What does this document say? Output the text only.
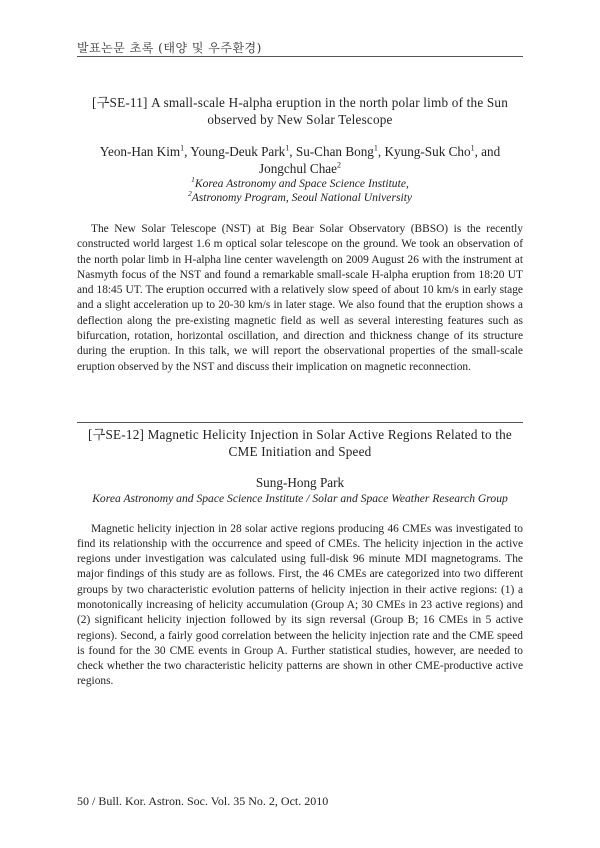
발표논문 초록 (태양 및 우주환경)
[구SE-11] A small-scale H-alpha eruption in the north polar limb of the Sun observed by New Solar Telescope
Yeon-Han Kim$^1$, Young-Deuk Park$^1$, Su-Chan Bong$^1$, Kyung-Suk Cho$^1$, and Jongchul Chae$^2$
$^1$Korea Astronomy and Space Science Institute,
$^2$Astronomy Program, Seoul National University

The New Solar Telescope (NST) at Big Bear Solar Observatory (BBSO) is the recently constructed world largest 1.6 m optical solar telescope on the ground. We took an observation of the north polar limb in H-alpha line center wavelength on 2009 August 26 with the instrument at Nasmyth focus of the NST and found a remarkable small-scale H-alpha eruption from 18:20 UT and 18:45 UT. The eruption occurred with a relatively slow speed of about 10 km/s in early stage and a slight acceleration up to 20-30 km/s in later stage. We also found that the eruption shows a deflection along the pre-existing magnetic field as well as several interesting features such as bifurcation, rotation, horizontal oscillation, and direction and thickness change of its structure during the eruption. In this talk, we will report the observational properties of the small-scale eruption observed by the NST and discuss their implication on magnetic reconnection.

[구SE-12] Magnetic Helicity Injection in Solar Active Regions Related to the CME Initiation and Speed
Sung-Hong Park
Korea Astronomy and Space Science Institute / Solar and Space Weather Research Group

Magnetic helicity injection in 28 solar active regions producing 46 CMEs was investigated to find its relationship with the occurrence and speed of CMEs. The helicity injection in the active regions under investigation was calculated using full-disk 96 minute MDI magnetograms. The major findings of this study are as follows. First, the 46 CMEs are categorized into two different groups by two characteristic evolution patterns of helicity injection in their active regions: (1) a monotonically increasing of helicity accumulation (Group A; 30 CMEs in 23 active regions) and (2) significant helicity injection followed by its sign reversal (Group B; 16 CMEs in 5 active regions). Second, a fairly good correlation between the helicity injection rate and the CME speed is found for the 30 CME events in Group A. Further statistical studies, however, are needed to check whether the two characteristic helicity patterns are shown in other CME-productive active regions.

50 / Bull. Kor. Astron. Soc. Vol. 35 No. 2, Oct. 2010
